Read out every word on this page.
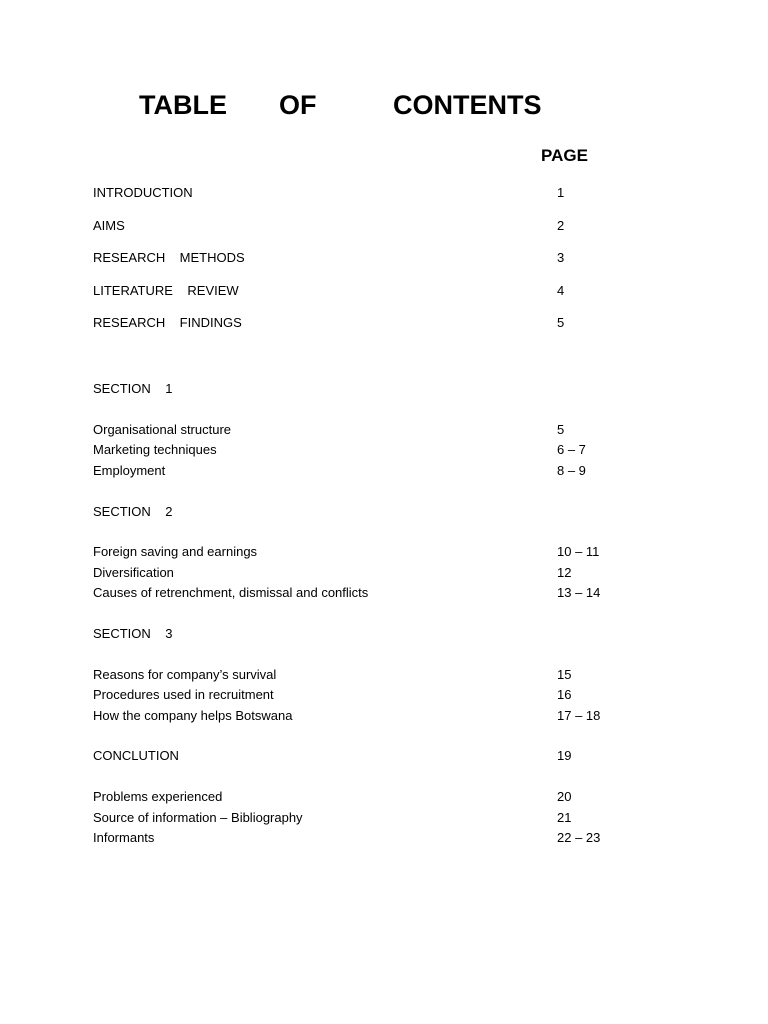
TABLE OF	CONTENTS
PAGE
INTRODUCTION	1
AIMS	2
RESEARCH    METHODS	3
LITERATURE    REVIEW	4
RESEARCH    FINDINGS	5
SECTION    1
Organisational structure	5
Marketing techniques	6 – 7
Employment	8 – 9
SECTION    2
Foreign saving and earnings	10 – 11
Diversification	12
Causes of retrenchment, dismissal and conflicts	13 – 14
SECTION    3
Reasons for company’s survival	15
Procedures used in recruitment	16
How the company helps Botswana	17 – 18
CONCLUTION	19
Problems experienced	20
Source of information – Bibliography	21
Informants	22 – 23
